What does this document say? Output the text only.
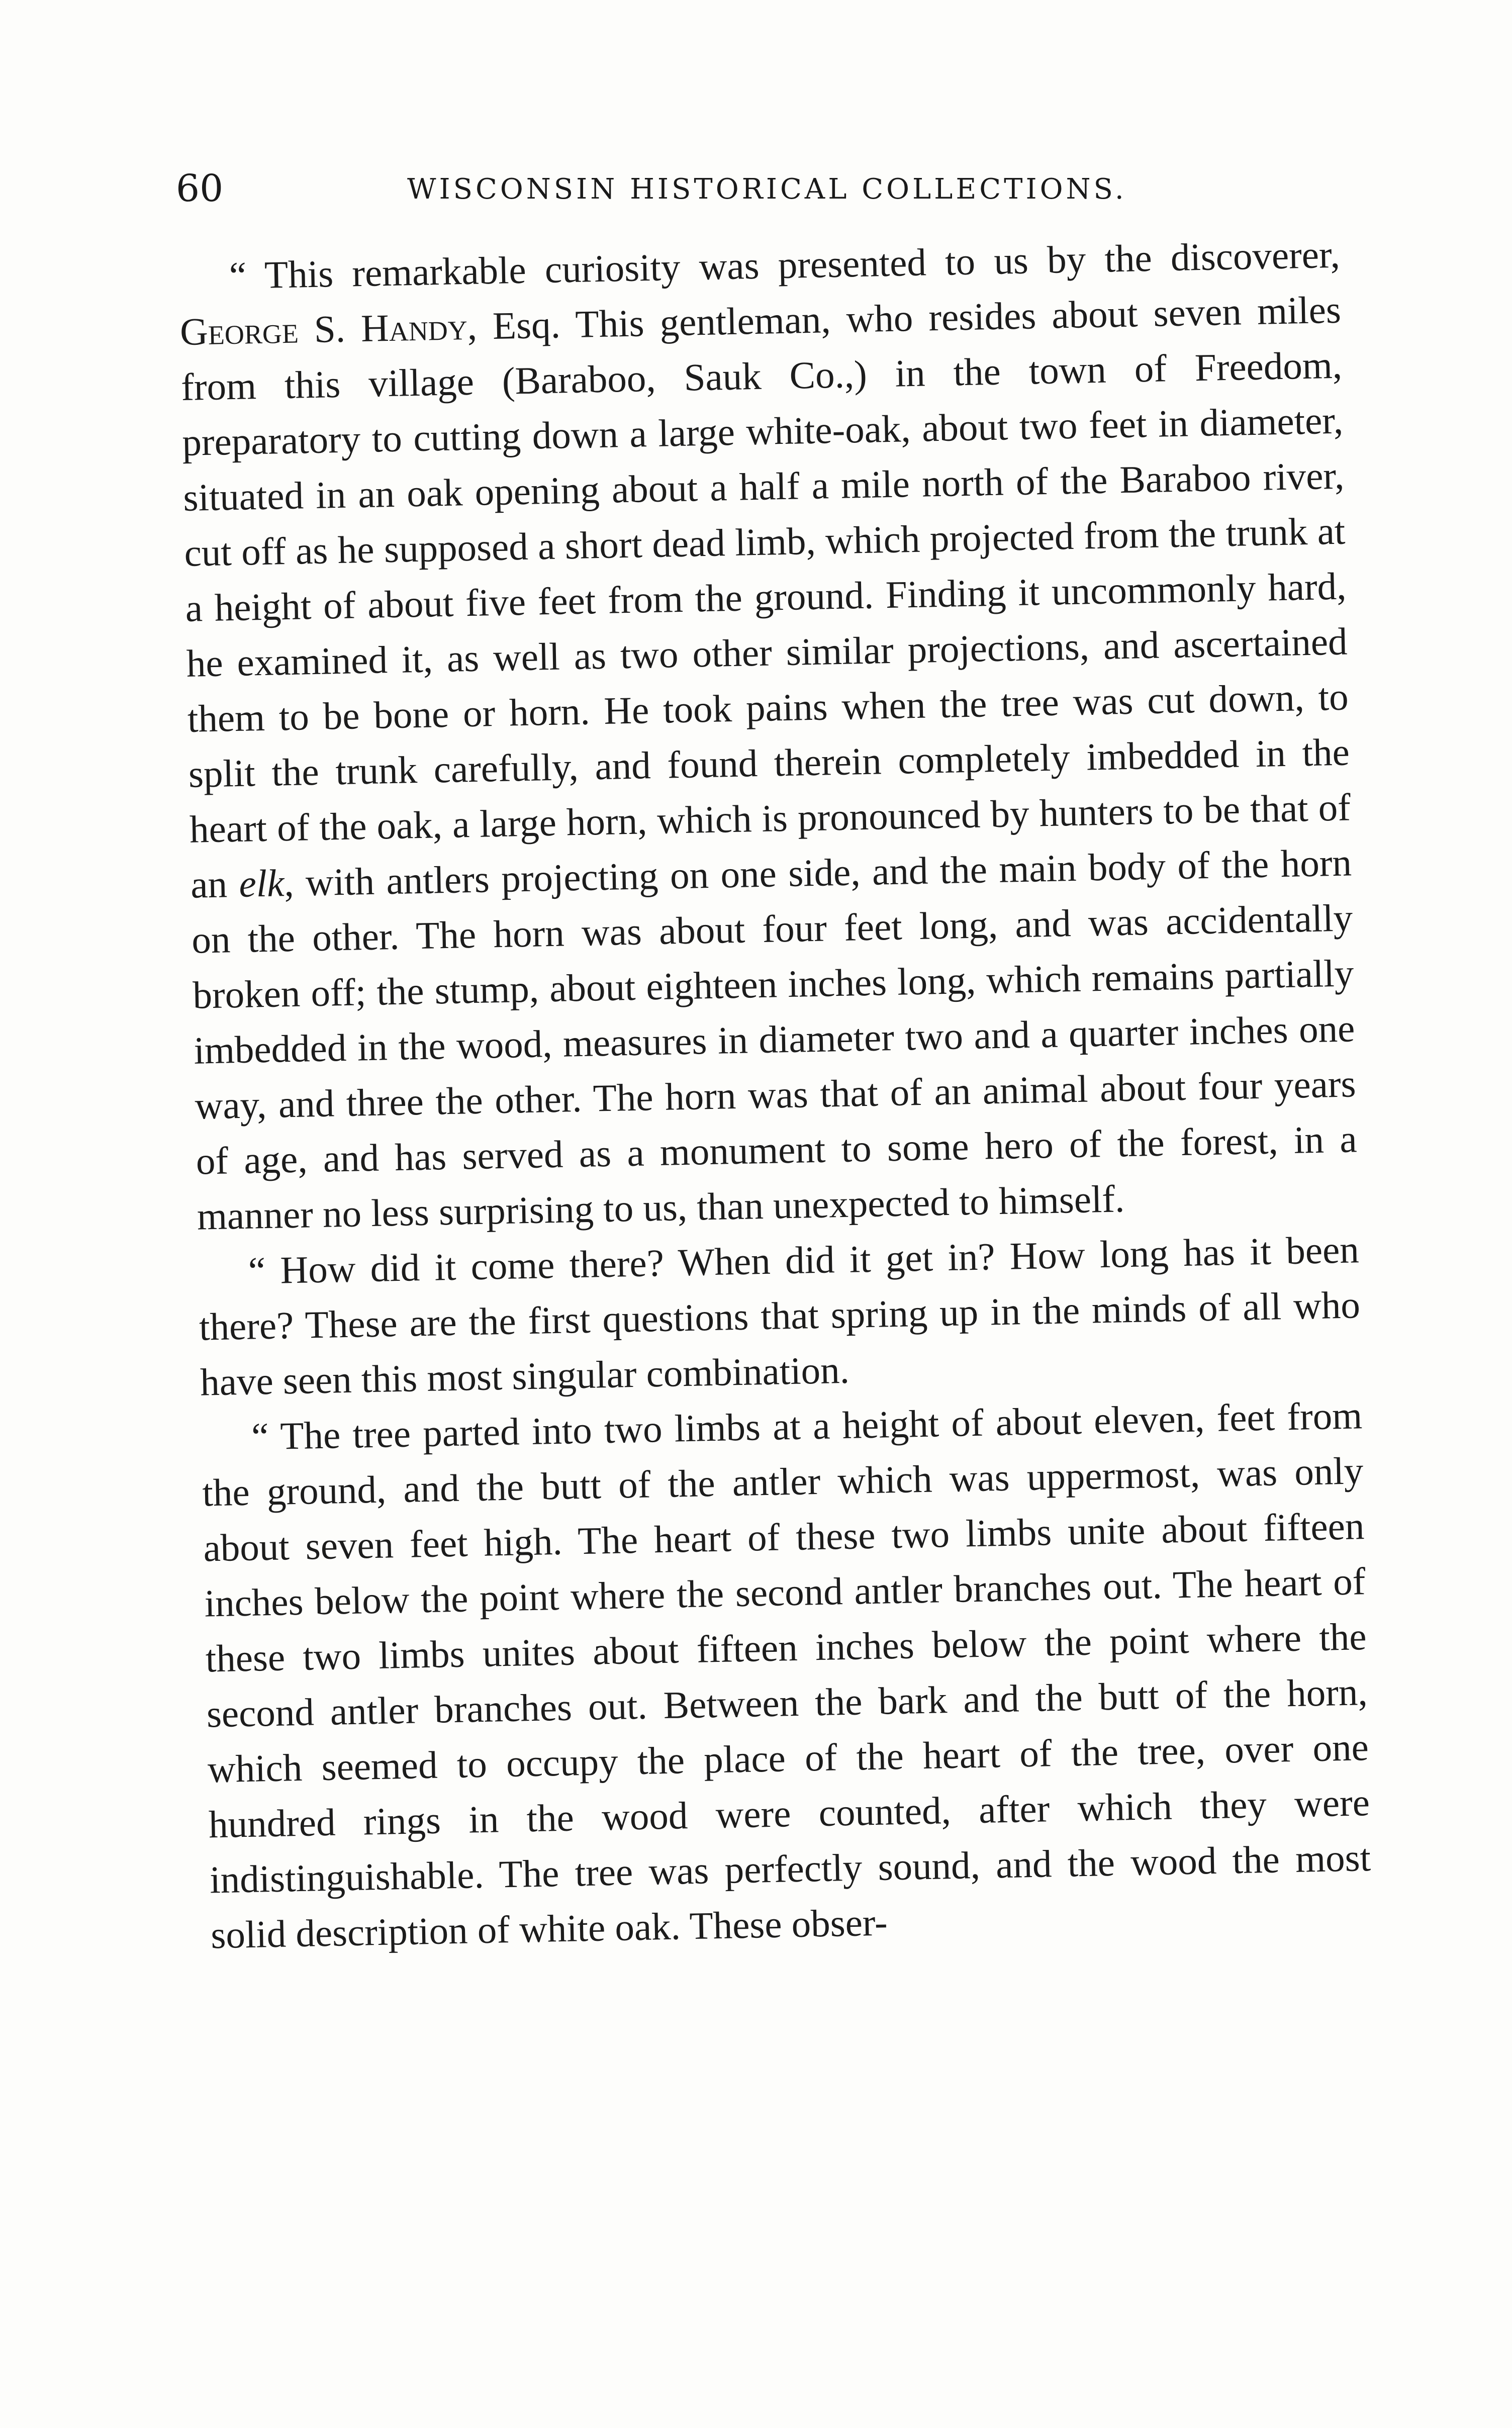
60	WISCONSIN HISTORICAL COLLECTIONS.

“ This remarkable curiosity was presented to us by the discoverer, George S. Handy, Esq. This gentleman, who resides about seven miles from this village (Baraboo, Sauk Co.,) in the town of Freedom, preparatory to cutting down a large white-oak, about two feet in diameter, situated in an oak opening about a half a mile north of the Baraboo river, cut off as he supposed a short dead limb, which projected from the trunk at a height of about five feet from the ground. Finding it uncommonly hard, he examined it, as well as two other similar projections, and ascertained them to be bone or horn. He took pains when the tree was cut down, to split the trunk carefully, and found therein completely imbedded in the heart of the oak, a large horn, which is pronounced by hunters to be that of an elk, with antlers projecting on one side, and the main body of the horn on the other. The horn was about four feet long, and was accidentally broken off; the stump, about eighteen inches long, which remains partially imbedded in the wood, measures in diameter two and a quarter inches one way, and three the other. The horn was that of an animal about four years of age, and has served as a monument to some hero of the forest, in a manner no less surprising to us, than unexpected to himself.

“ How did it come there? When did it get in? How long has it been there? These are the first questions that spring up in the minds of all who have seen this most singular combination.

“ The tree parted into two limbs at a height of about eleven, feet from the ground, and the butt of the antler which was uppermost, was only about seven feet high. The heart of these two limbs unite about fifteen inches below the point where the second antler branches out. The heart of these two limbs unites about fifteen inches below the point where the second antler branches out. Between the bark and the butt of the horn, which seemed to occupy the place of the heart of the tree, over one hundred rings in the wood were counted, after which they were indistinguishable. The tree was perfectly sound, and the wood the most solid description of white oak. These obser-
